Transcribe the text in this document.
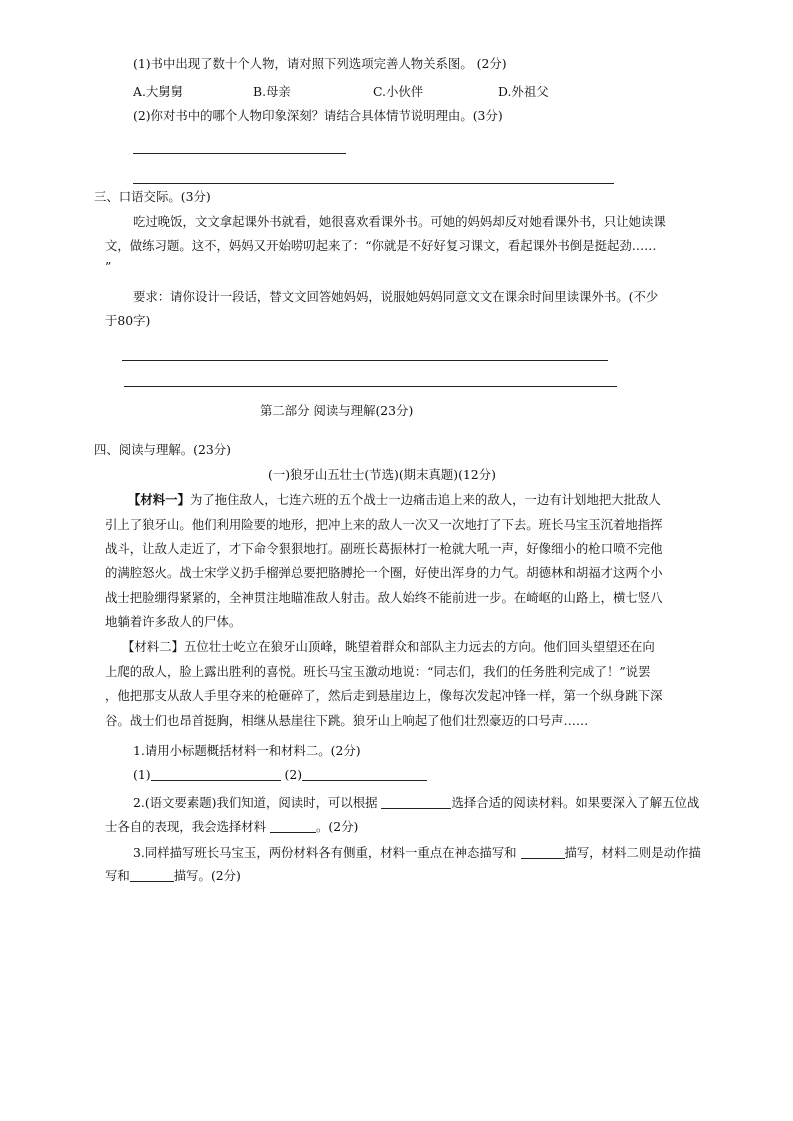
(1)书中出现了数十个人物，请对照下列选项完善人物关系图。 (2分)
A.大舅舅	B.母亲	C.小伙伴	D.外祖父
(2)你对书中的哪个人物印象深刻？请结合具体情节说明理由。(3分)
三、口语交际。(3分)
吃过晚饭，文文拿起课外书就看，她很喜欢看课外书。可她的妈妈却反对她看课外书，只让她读课
文，做练习题。这不，妈妈又开始唠叨起来了：“你就是不好好复习课文，看起课外书倒是挺起劲……
”
要求：请你设计一段话，替文文回答她妈妈，说服她妈妈同意文文在课余时间里读课外书。(不少
于80字)
第二部分 阅读与理解(23分)
四、阅读与理解。(23分)
(一)狼牙山五壮士(节选)(期末真题)(12分)
【材料一】为了拖住敌人，七连六班的五个战士一边痛击追上来的敌人，一边有计划地把大批敌人
引上了狼牙山。他们利用险要的地形，把冲上来的敌人一次又一次地打了下去。班长马宝玉沉着地指挥
战斗，让敌人走近了，才下命令狠狠地打。副班长葛振林打一枪就大吼一声，好像细小的枪口喷不完他
的满腔怒火。战士宋学义扔手榴弹总要把胳膊抡一个圈，好使出浑身的力气。胡德林和胡福才这两个小
战士把脸绷得紧紧的，全神贯注地瞄准敌人射击。敌人始终不能前进一步。在崎岖的山路上，横七竖八
地躺着许多敌人的尸体。
【材料二】五位壮士屹立在狼牙山顶峰，眺望着群众和部队主力远去的方向。他们回头望望还在向
上爬的敌人，脸上露出胜利的喜悦。班长马宝玉激动地说：“同志们，我们的任务胜利完成了！”说罢
，他把那支从敌人手里夺来的枪砸碎了，然后走到悬崖边上，像每次发起冲锋一样，第一个纵身跳下深
谷。战士们也昂首挺胸，相继从悬崖往下跳。狼牙山上响起了他们壮烈豪迈的口号声……
1.请用小标题概括材料一和材料二。(2分)
(1)	(2)
2.(语文要素题)我们知道，阅读时，可以根据	选择合适的阅读材料。如果要深入了解五位战
士各自的表现，我会选择材料	。(2分)
3.同样描写班长马宝玉，两份材料各有侧重，材料一重点在神态描写和	描写，材料二则是动作描
写和	描写。(2分)
